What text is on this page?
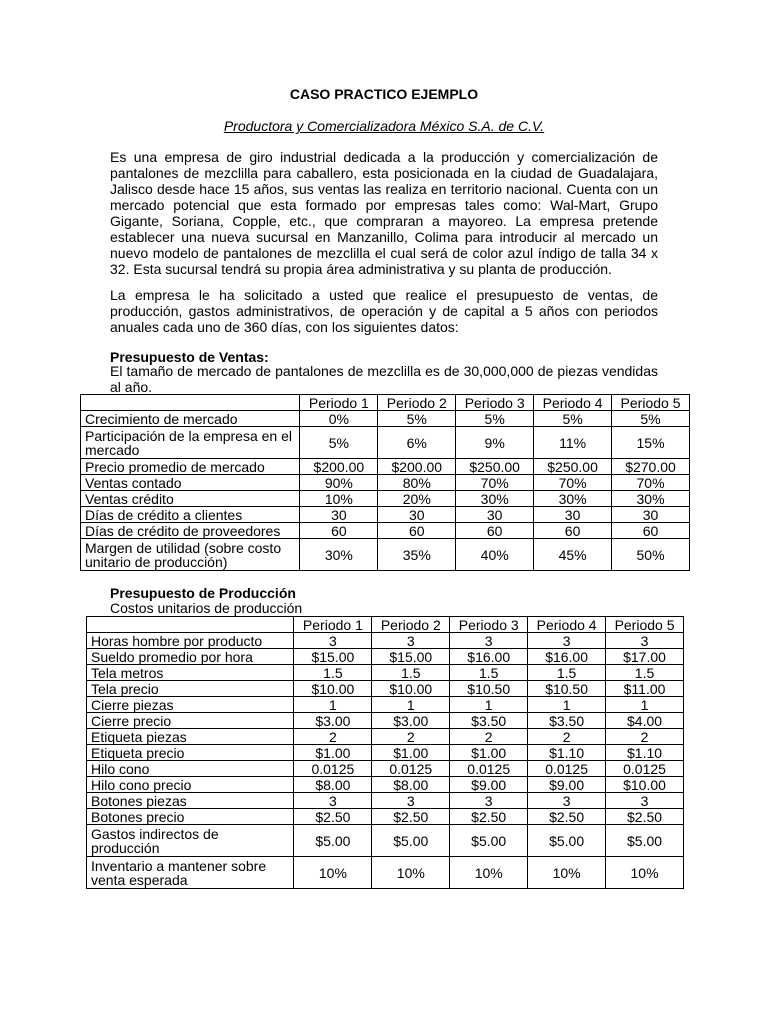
CASO PRACTICO EJEMPLO
Productora y Comercializadora México S.A. de C.V.

Es una empresa de giro industrial dedicada a la producción y comercialización de pantalones de mezclilla para caballero, esta posicionada en la ciudad de Guadalajara, Jalisco desde hace 15 años, sus ventas las realiza en territorio nacional. Cuenta con un mercado potencial que esta formado por empresas tales como: Wal-Mart, Grupo Gigante, Soriana, Copple, etc., que compraran a mayoreo. La empresa pretende establecer una nueva sucursal en Manzanillo, Colima para introducir al mercado un nuevo modelo de pantalones de mezclilla el cual será de color azul índigo de talla 34 x 32. Esta sucursal tendrá su propia área administrativa y su planta de producción.

La empresa le ha solicitado a usted que realice el presupuesto de ventas, de producción, gastos administrativos, de operación y de capital a 5 años con periodos anuales cada uno de 360 días, con los siguientes datos:

Presupuesto de Ventas:

El tamaño de mercado de pantalones de mezclilla es de 30,000,000 de piezas vendidas al año.

	Periodo 1	Periodo 2	Periodo 3	Periodo 4	Periodo 5
Crecimiento de mercado	0%	5%	5%	5%	5%
Participación de la empresa en el mercado	5%	6%	9%	11%	15%
Precio promedio de mercado	$200.00	$200.00	$250.00	$250.00	$270.00
Ventas contado	90%	80%	70%	70%	70%
Ventas crédito	10%	20%	30%	30%	30%
Días de crédito a clientes	30	30	30	30	30
Días de crédito de proveedores	60	60	60	60	60
Margen de utilidad (sobre costo unitario de producción)	30%	35%	40%	45%	50%

Presupuesto de Producción

Costos unitarios de producción

	Periodo 1	Periodo 2	Periodo 3	Periodo 4	Periodo 5
Horas hombre por producto	3	3	3	3	3
Sueldo promedio por hora	$15.00	$15.00	$16.00	$16.00	$17.00
Tela metros	1.5	1.5	1.5	1.5	1.5
Tela precio	$10.00	$10.00	$10.50	$10.50	$11.00
Cierre piezas	1	1	1	1	1
Cierre precio	$3.00	$3.00	$3.50	$3.50	$4.00
Etiqueta piezas	2	2	2	2	2
Etiqueta precio	$1.00	$1.00	$1.00	$1.10	$1.10
Hilo cono	0.0125	0.0125	0.0125	0.0125	0.0125
Hilo cono precio	$8.00	$8.00	$9.00	$9.00	$10.00
Botones piezas	3	3	3	3	3
Botones precio	$2.50	$2.50	$2.50	$2.50	$2.50
Gastos indirectos de producción	$5.00	$5.00	$5.00	$5.00	$5.00
Inventario a mantener sobre venta esperada	10%	10%	10%	10%	10%
